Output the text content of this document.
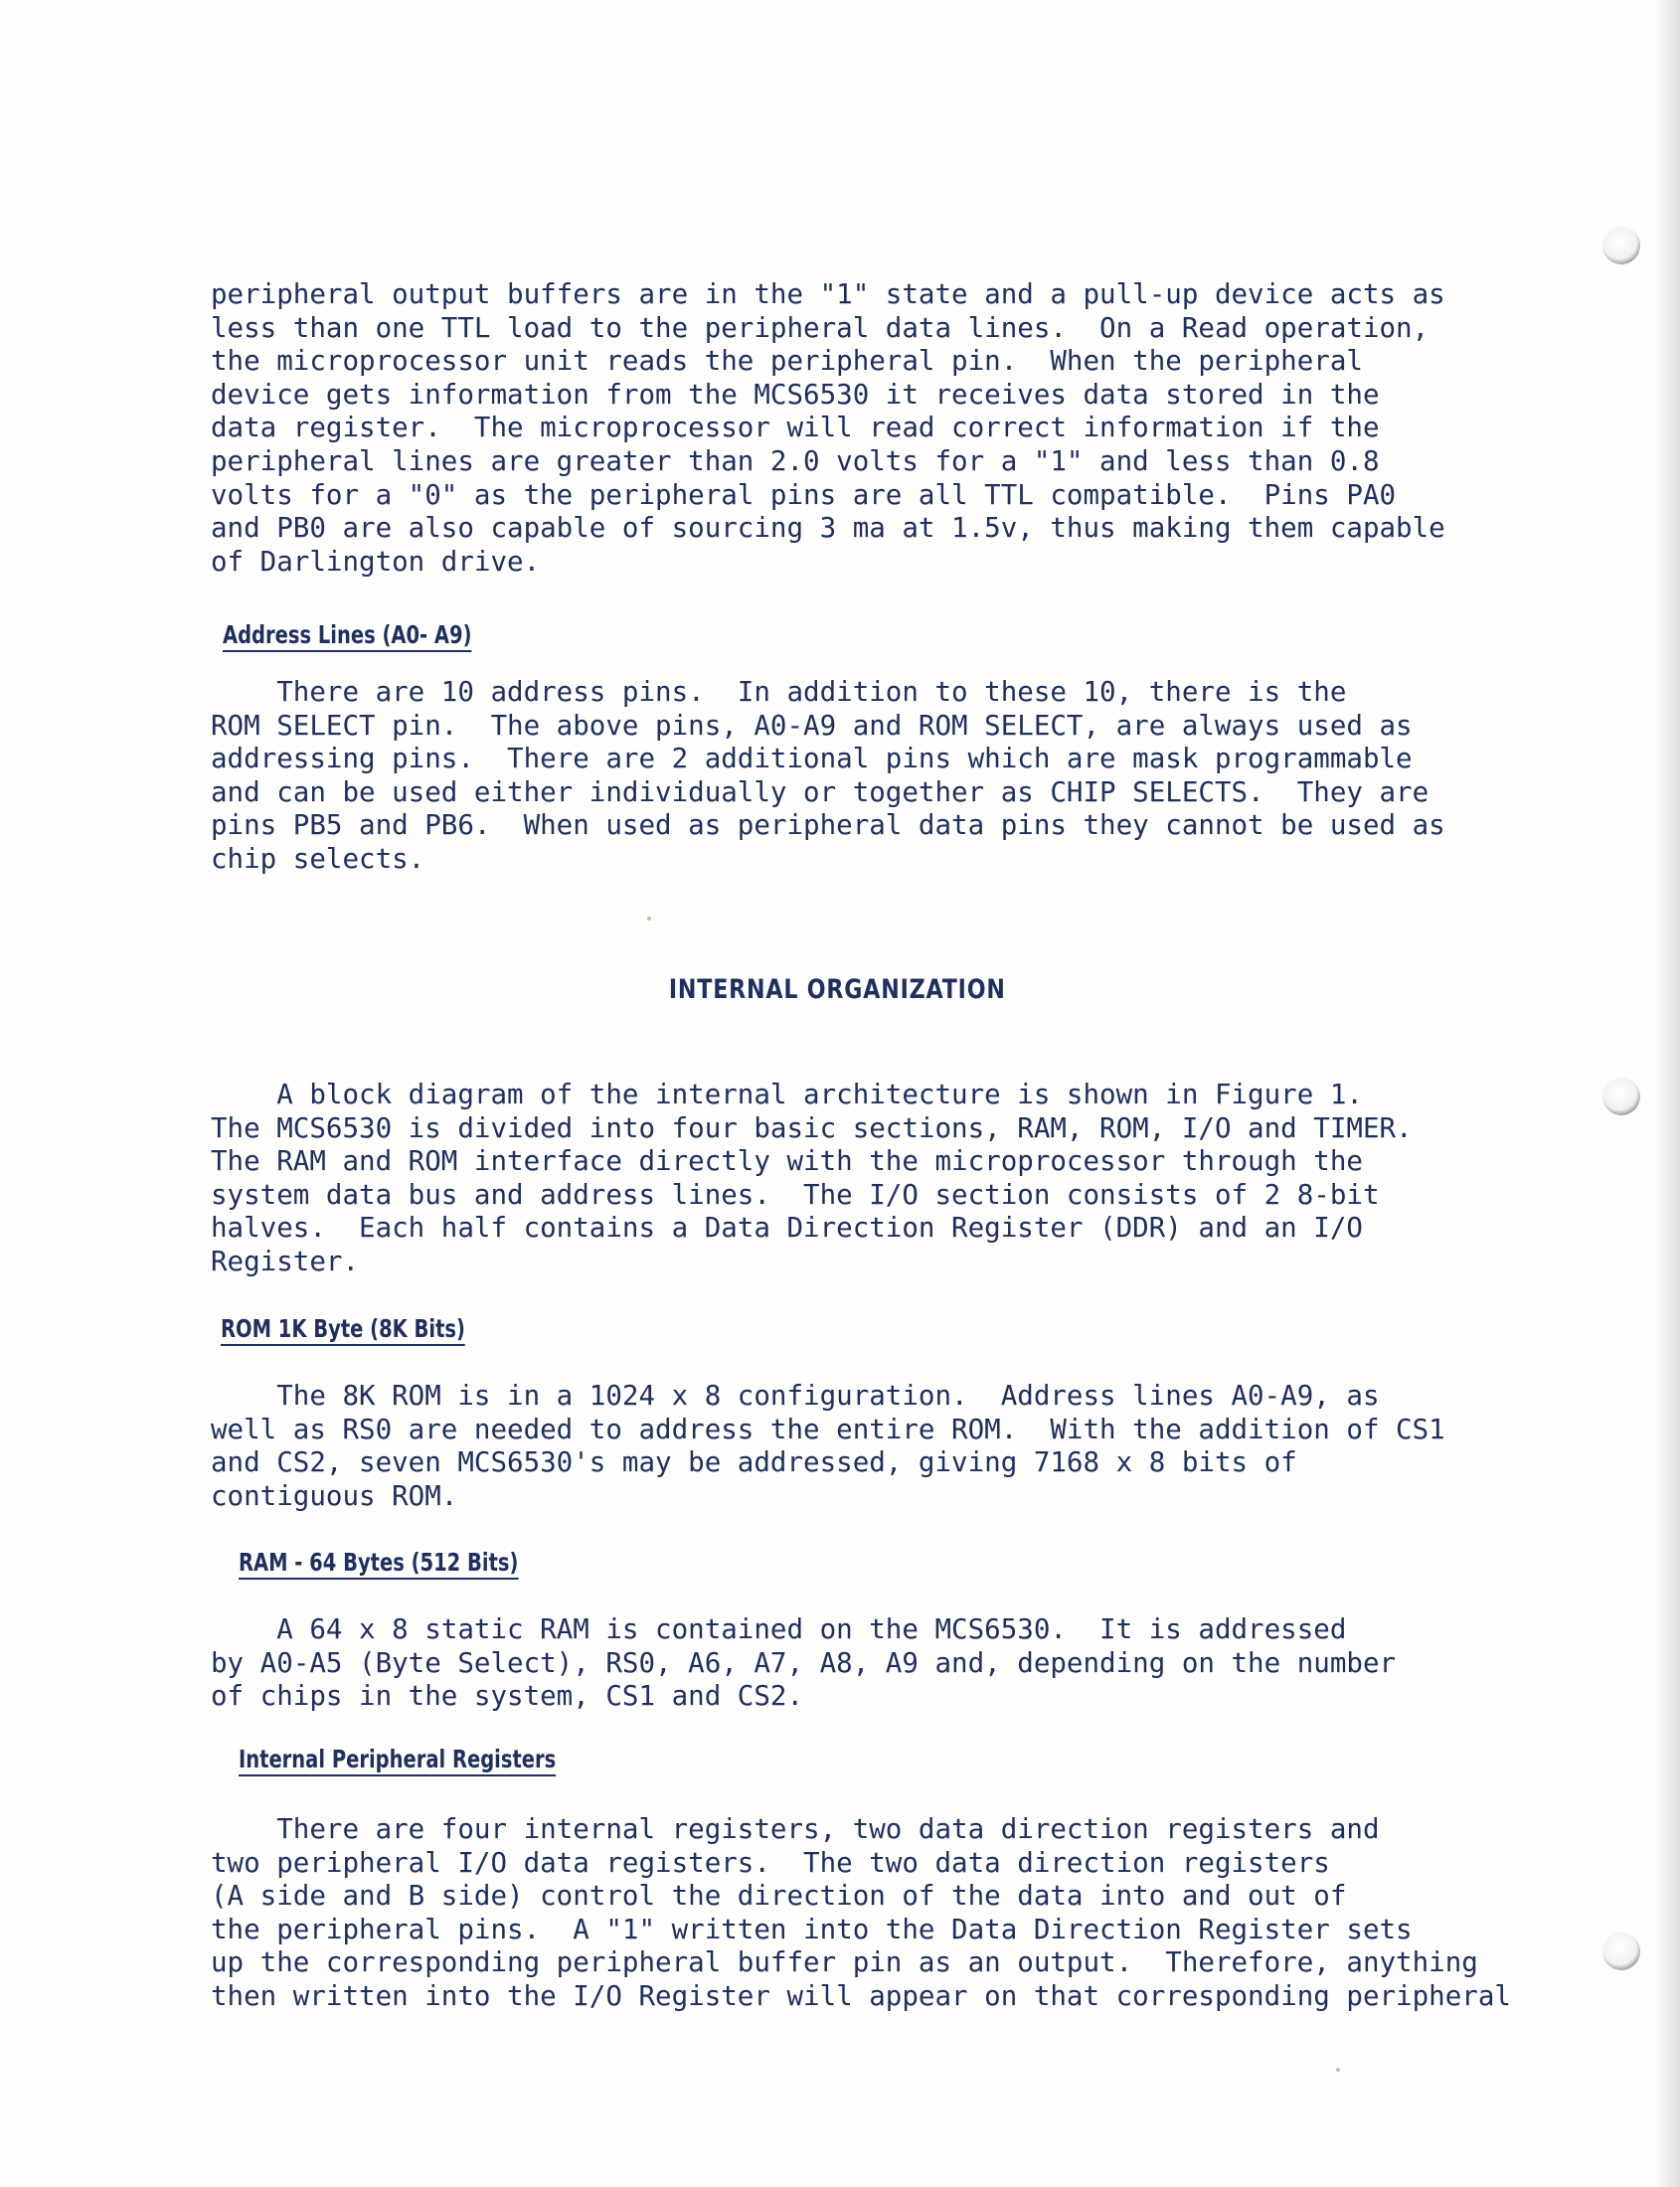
peripheral output buffers are in the "1" state and a pull-up device acts as
less than one TTL load to the peripheral data lines.  On a Read operation,
the microprocessor unit reads the peripheral pin.  When the peripheral
device gets information from the MCS6530 it receives data stored in the
data register.  The microprocessor will read correct information if the
peripheral lines are greater than 2.0 volts for a "1" and less than 0.8
volts for a "0" as the peripheral pins are all TTL compatible.  Pins PA0
and PB0 are also capable of sourcing 3 ma at 1.5v, thus making them capable
of Darlington drive.
Address Lines (A0- A9)
There are 10 address pins.  In addition to these 10, there is the
ROM SELECT pin.  The above pins, A0-A9 and ROM SELECT, are always used as
addressing pins.  There are 2 additional pins which are mask programmable
and can be used either individually or together as CHIP SELECTS.  They are
pins PB5 and PB6.  When used as peripheral data pins they cannot be used as
chip selects.
INTERNAL ORGANIZATION
A block diagram of the internal architecture is shown in Figure 1.
The MCS6530 is divided into four basic sections, RAM, ROM, I/O and TIMER.
The RAM and ROM interface directly with the microprocessor through the
system data bus and address lines.  The I/O section consists of 2 8-bit
halves.  Each half contains a Data Direction Register (DDR) and an I/O
Register.
ROM 1K Byte (8K Bits)
The 8K ROM is in a 1024 x 8 configuration.  Address lines A0-A9, as
well as RS0 are needed to address the entire ROM.  With the addition of CS1
and CS2, seven MCS6530's may be addressed, giving 7168 x 8 bits of
contiguous ROM.
RAM - 64 Bytes (512 Bits)
A 64 x 8 static RAM is contained on the MCS6530.  It is addressed
by A0-A5 (Byte Select), RS0, A6, A7, A8, A9 and, depending on the number
of chips in the system, CS1 and CS2.
Internal Peripheral Registers
There are four internal registers, two data direction registers and
two peripheral I/O data registers.  The two data direction registers
(A side and B side) control the direction of the data into and out of
the peripheral pins.  A "1" written into the Data Direction Register sets
up the corresponding peripheral buffer pin as an output.  Therefore, anything
then written into the I/O Register will appear on that corresponding peripheral
